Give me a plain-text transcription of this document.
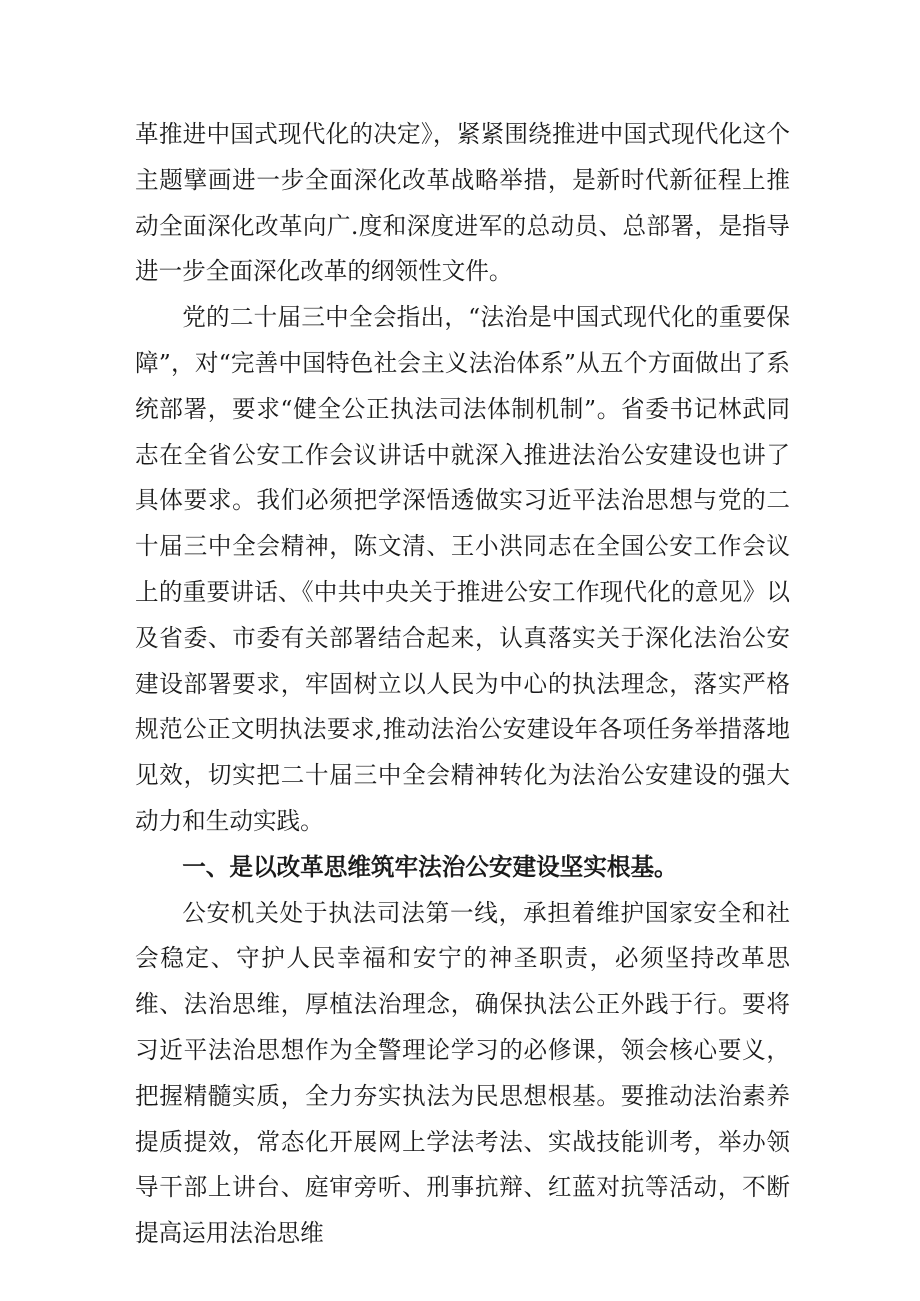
革推进中国式现代化的决定》，紧紧围绕推进中国式现代化这个主题擘画进一步全面深化改革战略举措，是新时代新征程上推动全面深化改革向广.度和深度进军的总动员、总部署，是指导进一步全面深化改革的纲领性文件。

党的二十届三中全会指出，“法治是中国式现代化的重要保障”，对“完善中国特色社会主义法治体系”从五个方面做出了系统部署，要求“健全公正执法司法体制机制”。省委书记林武同志在全省公安工作会议讲话中就深入推进法治公安建设也讲了具体要求。我们必须把学深悟透做实习近平法治思想与党的二十届三中全会精神，陈文清、王小洪同志在全国公安工作会议上的重要讲话、《中共中央关于推进公安工作现代化的意见》以及省委、市委有关部署结合起来，认真落实关于深化法治公安建设部署要求，牢固树立以人民为中心的执法理念，落实严格规范公正文明执法要求,推动法治公安建设年各项任务举措落地见效，切实把二十届三中全会精神转化为法治公安建设的强大动力和生动实践。

一、是以改革思维筑牢法治公安建设坚实根基。

公安机关处于执法司法第一线，承担着维护国家安全和社会稳定、守护人民幸福和安宁的神圣职责，必须坚持改革思维、法治思维，厚植法治理念，确保执法公正外践于行。要将习近平法治思想作为全警理论学习的必修课，领会核心要义，把握精髓实质，全力夯实执法为民思想根基。要推动法治素养提质提效，常态化开展网上学法考法、实战技能训考，举办领导干部上讲台、庭审旁听、刑事抗辩、红蓝对抗等活动，不断提高运用法治思维
